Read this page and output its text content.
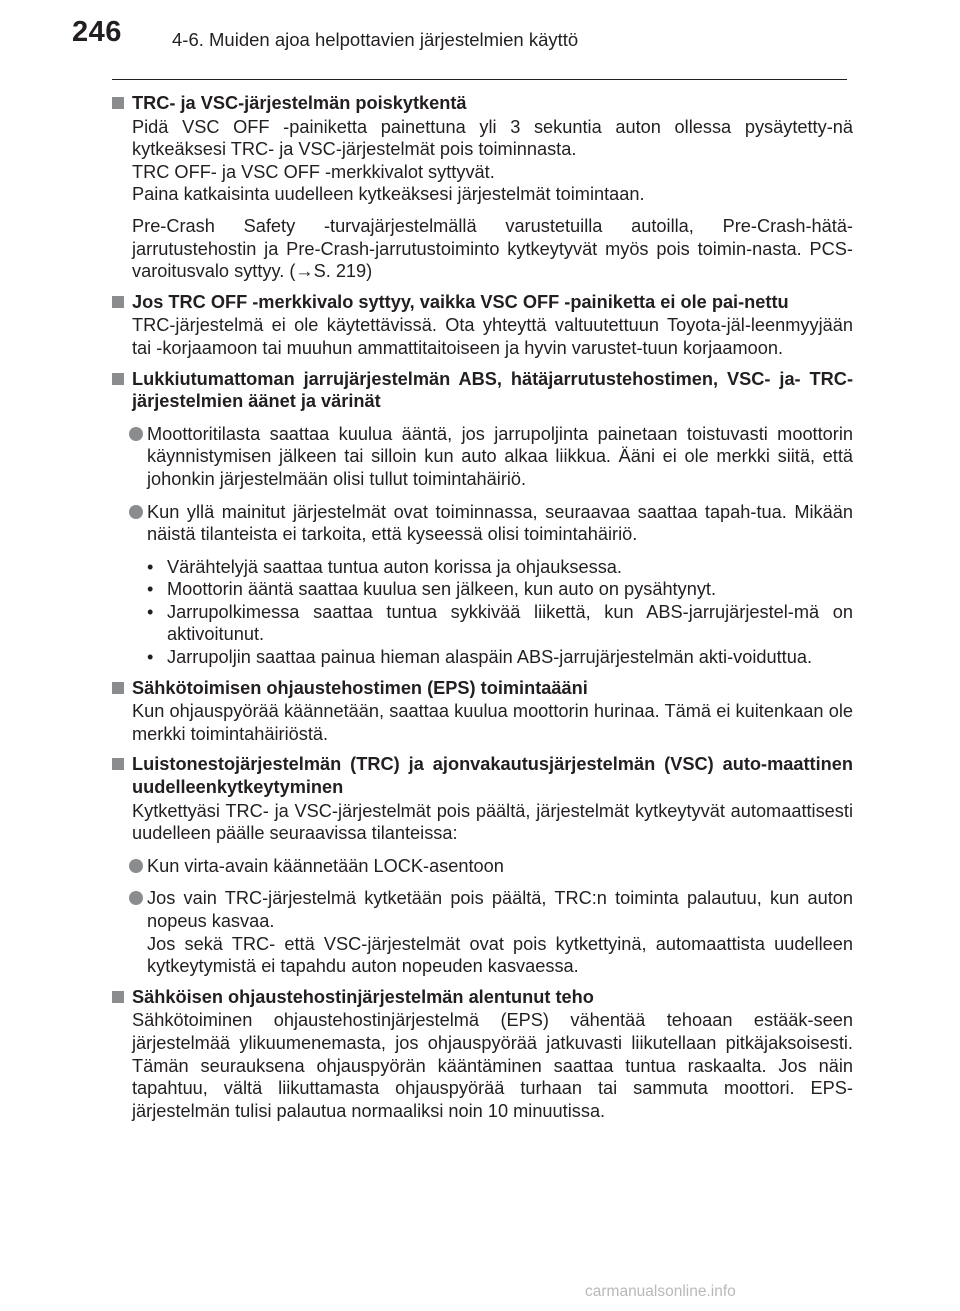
246	4-6. Muiden ajoa helpottavien järjestelmien käyttö
TRC- ja VSC-järjestelmän poiskytkentä
Pidä VSC OFF -painiketta painettuna yli 3 sekuntia auton ollessa pysäytetty-nä kytkeäksesi TRC- ja VSC-järjestelmät pois toiminnasta.
TRC OFF- ja VSC OFF -merkkivalot syttyvät.
Paina katkaisinta uudelleen kytkeäksesi järjestelmät toimintaan.
Pre-Crash Safety -turvajärjestelmällä varustetuilla autoilla, Pre-Crash-hätä-jarrutustehostin ja Pre-Crash-jarrutustoiminto kytkeytyvät myös pois toimin-nasta. PCS-varoitusvalo syttyy. (→S. 219)
Jos TRC OFF -merkkivalo syttyy, vaikka VSC OFF -painiketta ei ole pai-nettu
TRC-järjestelmä ei ole käytettävissä. Ota yhteyttä valtuutettuun Toyota-jäl-leenmyyjään tai -korjaamoon tai muuhun ammattitaitoiseen ja hyvin varustet-tuun korjaamoon.
Lukkiutumattoman jarrujärjestelmän ABS, hätäjarrutustehostimen, VSC- ja- TRC-järjestelmien äänet ja värinät
Moottoritilasta saattaa kuulua ääntä, jos jarrupoljinta painetaan toistuvasti moottorin käynnistymisen jälkeen tai silloin kun auto alkaa liikkua. Ääni ei ole merkki siitä, että johonkin järjestelmään olisi tullut toimintahäiriö.
Kun yllä mainitut järjestelmät ovat toiminnassa, seuraavaa saattaa tapah-tua. Mikään näistä tilanteista ei tarkoita, että kyseessä olisi toimintahäiriö.
• Värähtelyjä saattaa tuntua auton korissa ja ohjauksessa.
• Moottorin ääntä saattaa kuulua sen jälkeen, kun auto on pysähtynyt.
• Jarrupolkimessa saattaa tuntua sykkivää liikettä, kun ABS-jarrujärjestel-mä on aktivoitunut.
• Jarrupoljin saattaa painua hieman alaspäin ABS-jarrujärjestelmän akti-voiduttua.
Sähkötoimisen ohjaustehostimen (EPS) toimintaääni
Kun ohjauspyörää käännetään, saattaa kuulua moottorin hurinaa. Tämä ei kuitenkaan ole merkki toimintahäiriöstä.
Luistonestojärjestelmän (TRC) ja ajonvakautusjärjestelmän (VSC) auto-maattinen uudelleenkytkeytyminen
Kytkettyäsi TRC- ja VSC-järjestelmät pois päältä, järjestelmät kytkeytyvät automaattisesti uudelleen päälle seuraavissa tilanteissa:
Kun virta-avain käännetään LOCK-asentoon
Jos vain TRC-järjestelmä kytketään pois päältä, TRC:n toiminta palautuu, kun auton nopeus kasvaa.
Jos sekä TRC- että VSC-järjestelmät ovat pois kytkettyinä, automaattista uudelleen kytkeytymistä ei tapahdu auton nopeuden kasvaessa.
Sähköisen ohjaustehostinjärjestelmän alentunut teho
Sähkötoiminen ohjaustehostinjärjestelmä (EPS) vähentää tehoaan estääk-seen järjestelmää ylikuumenemasta, jos ohjauspyörää jatkuvasti liikutellaan pitkäjaksoisesti. Tämän seurauksena ohjauspyörän kääntäminen saattaa tuntua raskaalta. Jos näin tapahtuu, vältä liikuttamasta ohjauspyörää turhaan tai sammuta moottori. EPS-järjestelmän tulisi palautua normaaliksi noin 10 minuutissa.
carmanualsonline.info
